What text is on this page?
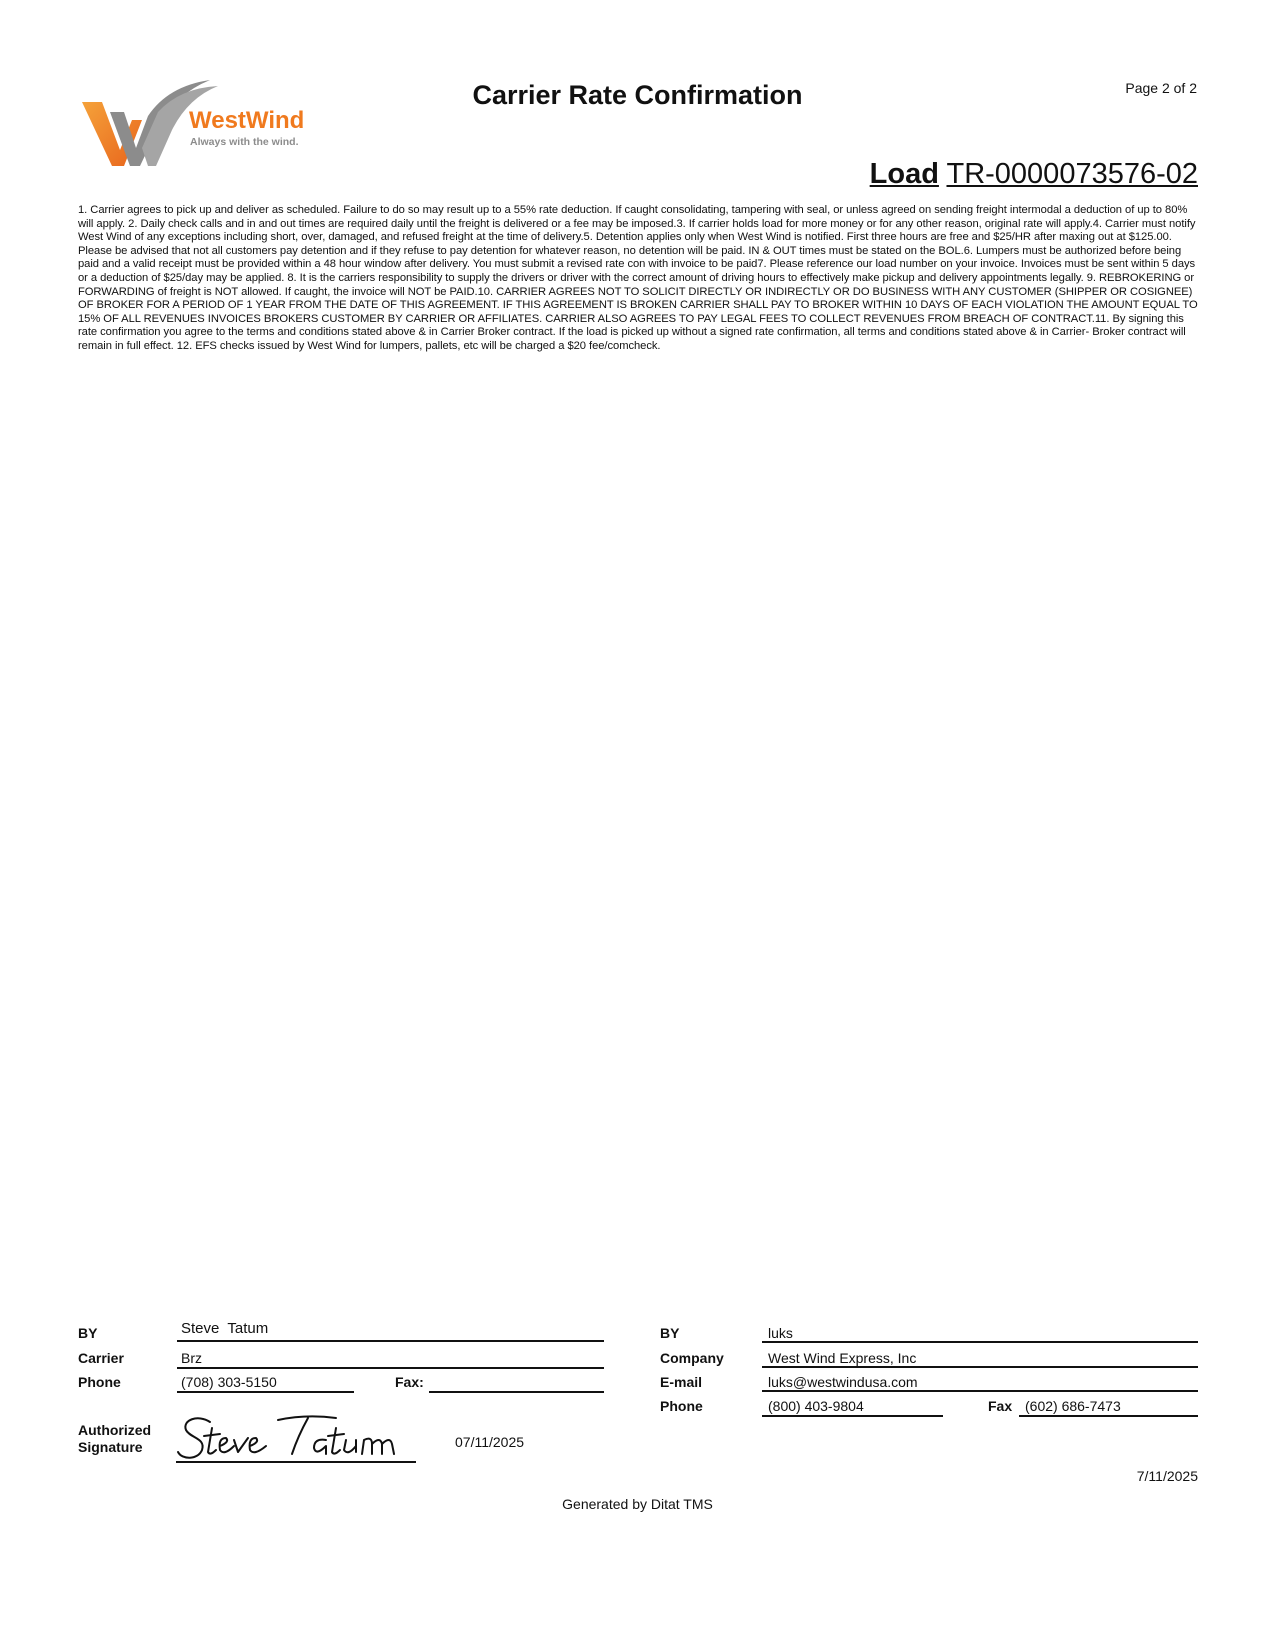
WestWind
Always with the wind.
Carrier Rate Confirmation	Page 2 of 2
Load TR-0000073576-02
1. Carrier agrees to pick up and deliver as scheduled. Failure to do so may result up to a 55% rate deduction. If caught consolidating, tampering with seal, or unless agreed on sending freight intermodal a deduction of up to 80% will apply. 2. Daily check calls and in and out times are required daily until the freight is delivered or a fee may be imposed.3. If carrier holds load for more money or for any other reason, original rate will apply.4. Carrier must notify West Wind of any exceptions including short, over, damaged, and refused freight at the time of delivery.5. Detention applies only when West Wind is notified. First three hours are free and $25/HR after maxing out at $125.00. Please be advised that not all customers pay detention and if they refuse to pay detention for whatever reason, no detention will be paid. IN & OUT times must be stated on the BOL.6. Lumpers must be authorized before being paid and a valid receipt must be provided within a 48 hour window after delivery. You must submit a revised rate con with invoice to be paid7. Please reference our load number on your invoice. Invoices must be sent within 5 days or a deduction of $25/day may be applied. 8. It is the carriers responsibility to supply the drivers or driver with the correct amount of driving hours to effectively make pickup and delivery appointments legally. 9. REBROKERING or FORWARDING of freight is NOT allowed. If caught, the invoice will NOT be PAID.10. CARRIER AGREES NOT TO SOLICIT DIRECTLY OR INDIRECTLY OR DO BUSINESS WITH ANY CUSTOMER (SHIPPER OR COSIGNEE) OF BROKER FOR A PERIOD OF 1 YEAR FROM THE DATE OF THIS AGREEMENT. IF THIS AGREEMENT IS BROKEN CARRIER SHALL PAY TO BROKER WITHIN 10 DAYS OF EACH VIOLATION THE AMOUNT EQUAL TO 15% OF ALL REVENUES INVOICES BROKERS CUSTOMER BY CARRIER OR AFFILIATES. CARRIER ALSO AGREES TO PAY LEGAL FEES TO COLLECT REVENUES FROM BREACH OF CONTRACT.11. By signing this rate confirmation you agree to the terms and conditions stated above & in Carrier Broker contract. If the load is picked up without a signed rate confirmation, all terms and conditions stated above & in Carrier- Broker contract will remain in full effect. 12. EFS checks issued by West Wind for lumpers, pallets, etc will be charged a $20 fee/comcheck.
BY	Steve  Tatum
Carrier	Brz
Phone	(708) 303-5150	Fax:
Authorized
Signature	07/11/2025
BY	luks
Company	West Wind Express, Inc
E-mail	luks@westwindusa.com
Phone	(800) 403-9804	Fax (602) 686-7473
7/11/2025
Generated by Ditat TMS
